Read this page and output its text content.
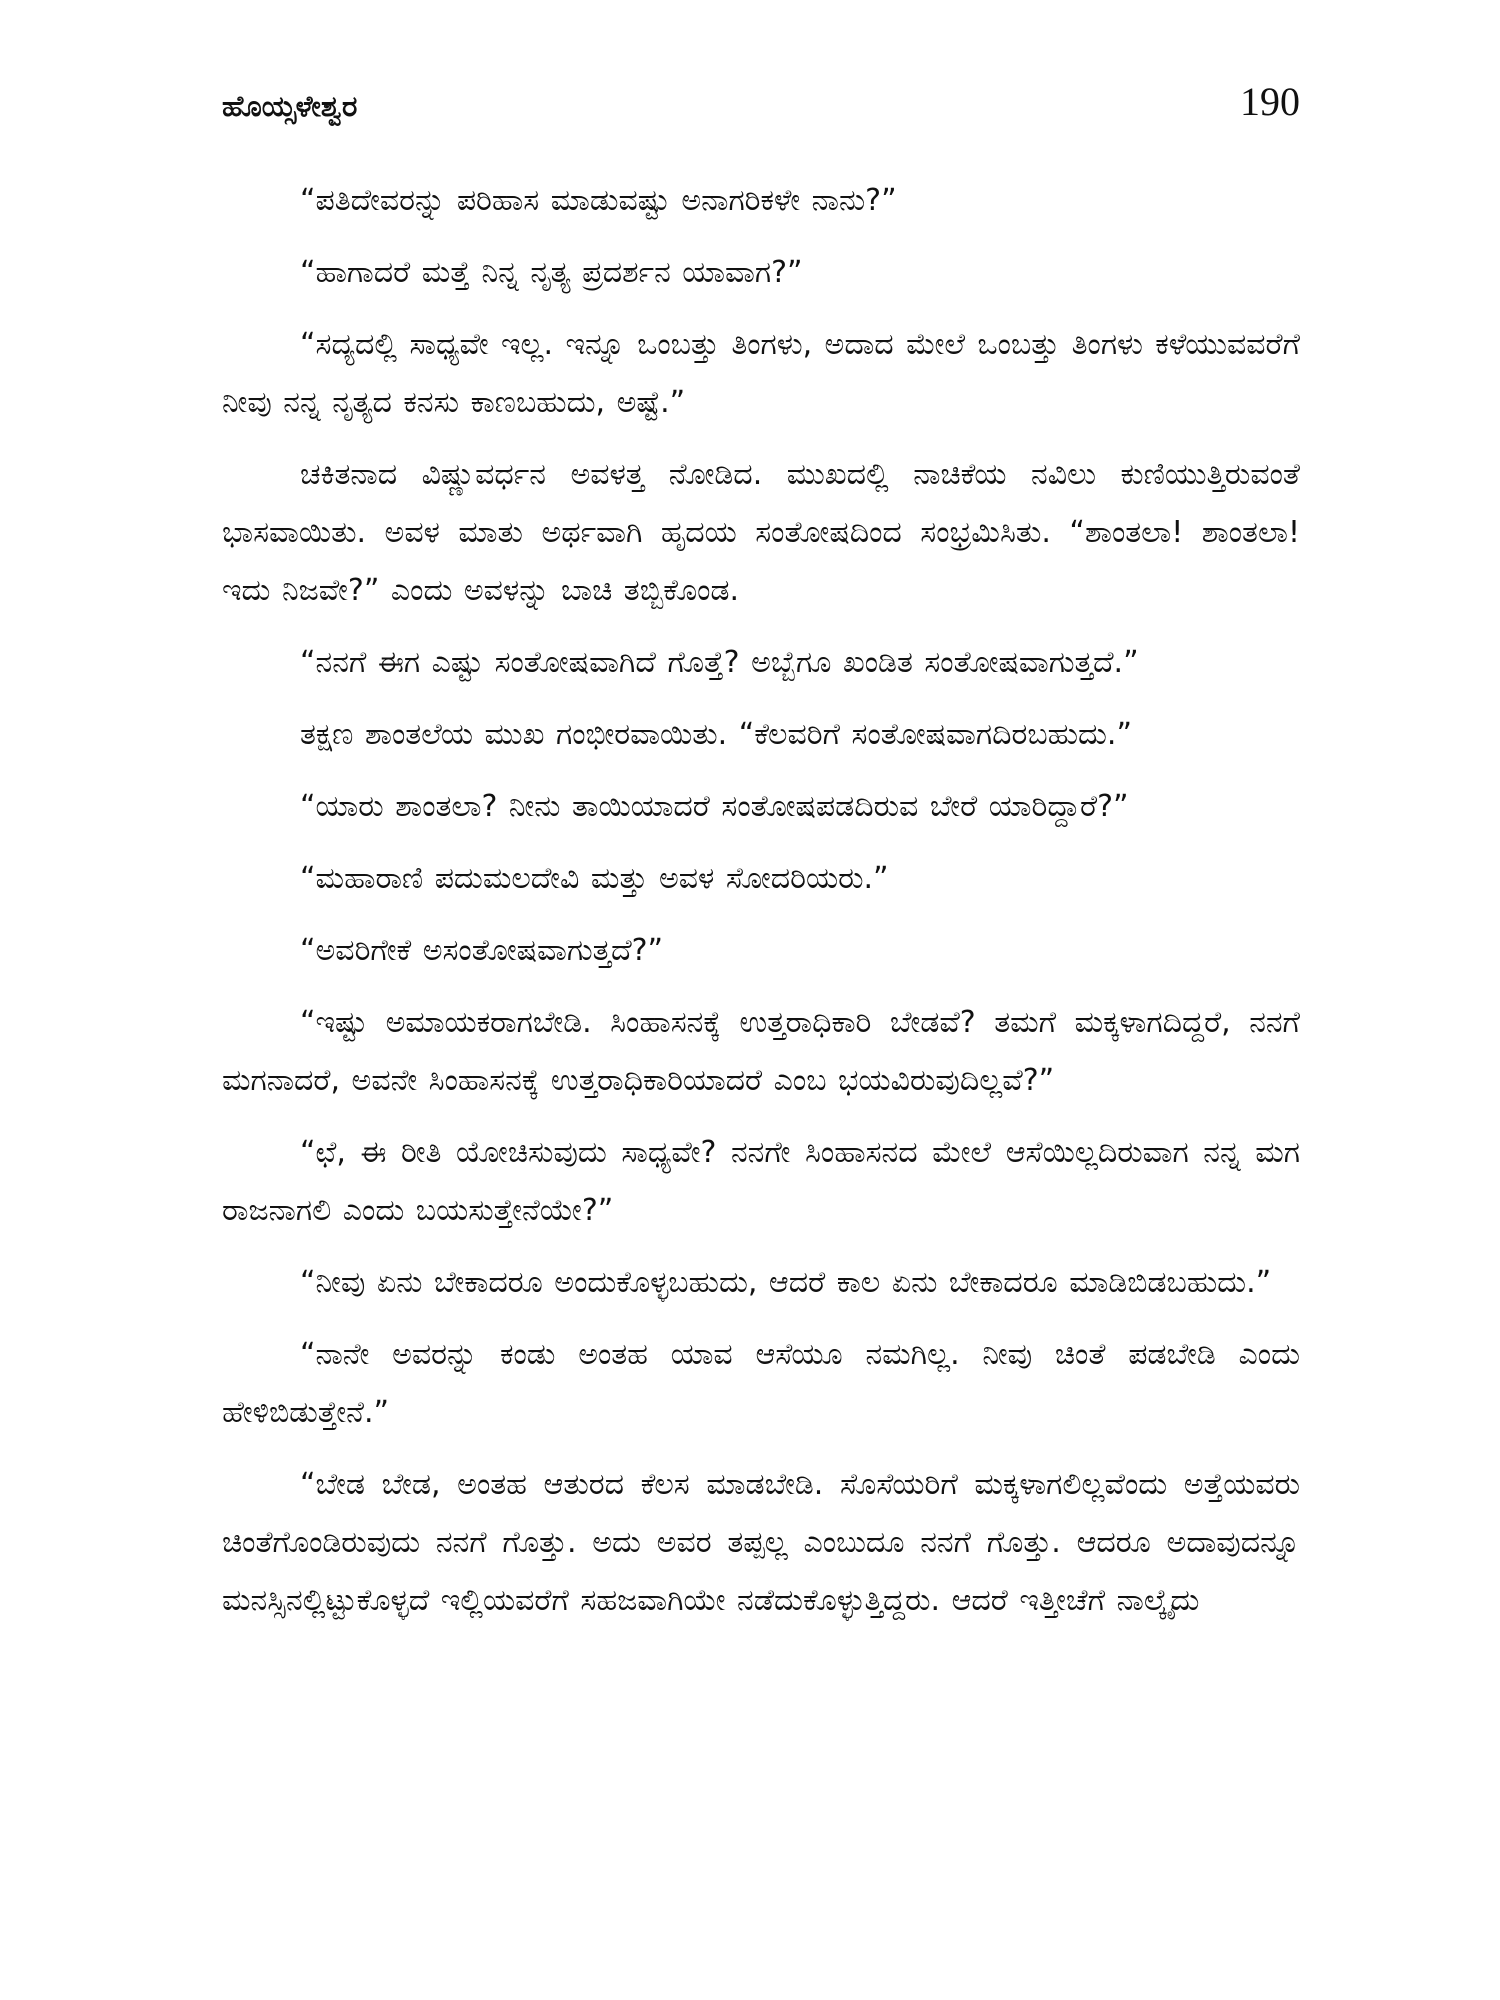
ಹೊಯ್ಸಳೇಶ್ವರ	190

“ಪತಿದೇವರನ್ನು ಪರಿಹಾಸ ಮಾಡುವಷ್ಟು ಅನಾಗರಿಕಳೇ ನಾನು?”

“ಹಾಗಾದರೆ ಮತ್ತೆ ನಿನ್ನ ನೃತ್ಯ ಪ್ರದರ್ಶನ ಯಾವಾಗ?”

“ಸದ್ಯದಲ್ಲಿ ಸಾಧ್ಯವೇ ಇಲ್ಲ. ಇನ್ನೂ ಒಂಬತ್ತು ತಿಂಗಳು, ಅದಾದ ಮೇಲೆ ಒಂಬತ್ತು ತಿಂಗಳು ಕಳೆಯುವವರೆಗೆ ನೀವು ನನ್ನ ನೃತ್ಯದ ಕನಸು ಕಾಣಬಹುದು, ಅಷ್ಟೆ.”

ಚಕಿತನಾದ ವಿಷ್ಣುವರ್ಧನ ಅವಳತ್ತ ನೋಡಿದ. ಮುಖದಲ್ಲಿ ನಾಚಿಕೆಯ ನವಿಲು ಕುಣಿಯುತ್ತಿರುವಂತೆ ಭಾಸವಾಯಿತು. ಅವಳ ಮಾತು ಅರ್ಥವಾಗಿ ಹೃದಯ ಸಂತೋಷದಿಂದ ಸಂಭ್ರಮಿಸಿತು. “ಶಾಂತಲಾ! ಶಾಂತಲಾ! ಇದು ನಿಜವೇ?” ಎಂದು ಅವಳನ್ನು ಬಾಚಿ ತಬ್ಬಿಕೊಂಡ.

“ನನಗೆ ಈಗ ಎಷ್ಟು ಸಂತೋಷವಾಗಿದೆ ಗೊತ್ತೆ? ಅಬ್ಬೆಗೂ ಖಂಡಿತ ಸಂತೋಷವಾಗುತ್ತದೆ.”

ತಕ್ಷಣ ಶಾಂತಲೆಯ ಮುಖ ಗಂಭೀರವಾಯಿತು. “ಕೆಲವರಿಗೆ ಸಂತೋಷವಾಗದಿರಬಹುದು.”

“ಯಾರು ಶಾಂತಲಾ? ನೀನು ತಾಯಿಯಾದರೆ ಸಂತೋಷಪಡದಿರುವ ಬೇರೆ ಯಾರಿದ್ದಾರೆ?”

“ಮಹಾರಾಣಿ ಪದುಮಲದೇವಿ ಮತ್ತು ಅವಳ ಸೋದರಿಯರು.”

“ಅವರಿಗೇಕೆ ಅಸಂತೋಷವಾಗುತ್ತದೆ?”

“ಇಷ್ಟು ಅಮಾಯಕರಾಗಬೇಡಿ. ಸಿಂಹಾಸನಕ್ಕೆ ಉತ್ತರಾಧಿಕಾರಿ ಬೇಡವೆ? ತಮಗೆ ಮಕ್ಕಳಾಗದಿದ್ದರೆ, ನನಗೆ ಮಗನಾದರೆ, ಅವನೇ ಸಿಂಹಾಸನಕ್ಕೆ ಉತ್ತರಾಧಿಕಾರಿಯಾದರೆ ಎಂಬ ಭಯವಿರುವುದಿಲ್ಲವೆ?”

“ಛೆ, ಈ ರೀತಿ ಯೋಚಿಸುವುದು ಸಾಧ್ಯವೇ? ನನಗೇ ಸಿಂಹಾಸನದ ಮೇಲೆ ಆಸೆಯಿಲ್ಲದಿರುವಾಗ ನನ್ನ ಮಗ ರಾಜನಾಗಲಿ ಎಂದು ಬಯಸುತ್ತೇನೆಯೇ?”

“ನೀವು ಏನು ಬೇಕಾದರೂ ಅಂದುಕೊಳ್ಳಬಹುದು, ಆದರೆ ಕಾಲ ಏನು ಬೇಕಾದರೂ ಮಾಡಿಬಿಡಬಹುದು.”

“ನಾನೇ ಅವರನ್ನು ಕಂಡು ಅಂತಹ ಯಾವ ಆಸೆಯೂ ನಮಗಿಲ್ಲ. ನೀವು ಚಿಂತೆ ಪಡಬೇಡಿ ಎಂದು ಹೇಳಿಬಿಡುತ್ತೇನೆ.”

“ಬೇಡ ಬೇಡ, ಅಂತಹ ಆತುರದ ಕೆಲಸ ಮಾಡಬೇಡಿ. ಸೊಸೆಯರಿಗೆ ಮಕ್ಕಳಾಗಲಿಲ್ಲವೆಂದು ಅತ್ತೆಯವರು ಚಿಂತೆಗೊಂಡಿರುವುದು ನನಗೆ ಗೊತ್ತು. ಅದು ಅವರ ತಪ್ಪಲ್ಲ ಎಂಬುದೂ ನನಗೆ ಗೊತ್ತು. ಆದರೂ ಅದಾವುದನ್ನೂ ಮನಸ್ಸಿನಲ್ಲಿಟ್ಟುಕೊಳ್ಳದೆ ಇಲ್ಲಿಯವರೆಗೆ ಸಹಜವಾಗಿಯೇ ನಡೆದುಕೊಳ್ಳುತ್ತಿದ್ದರು. ಆದರೆ ಇತ್ತೀಚೆಗೆ ನಾಲ್ಕೈದು
